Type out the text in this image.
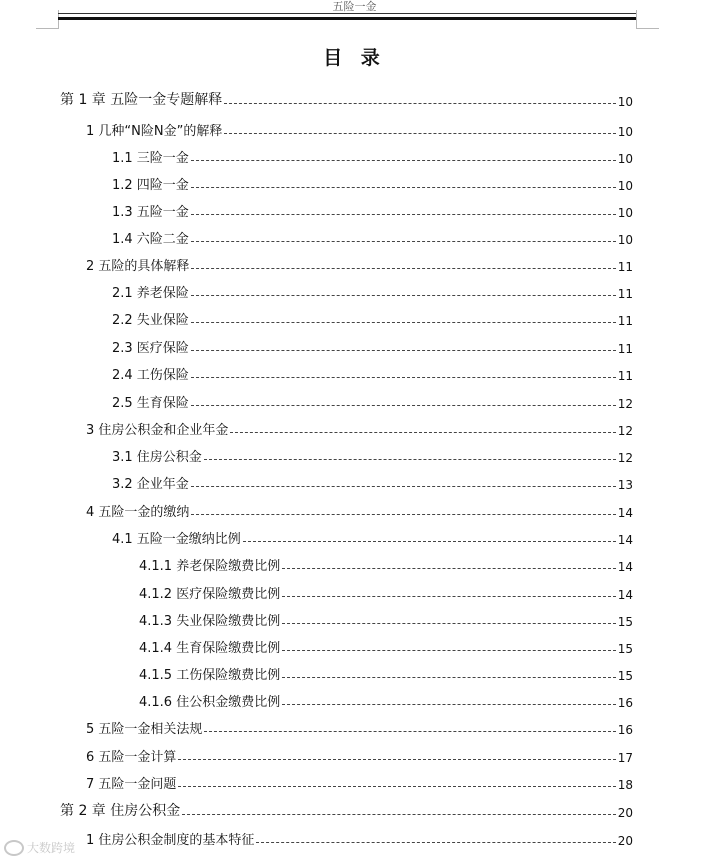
五险一金
目 录
第 1 章 五险一金专题解释	10
1 几种“N险N金”的解释	10
1.1 三险一金	10
1.2 四险一金	10
1.3 五险一金	10
1.4 六险二金	10
2 五险的具体解释	11
2.1 养老保险	11
2.2 失业保险	11
2.3 医疗保险	11
2.4 工伤保险	11
2.5 生育保险	12
3 住房公积金和企业年金	12
3.1 住房公积金	12
3.2 企业年金	13
4 五险一金的缴纳	14
4.1 五险一金缴纳比例	14
4.1.1 养老保险缴费比例	14
4.1.2 医疗保险缴费比例	14
4.1.3 失业保险缴费比例	15
4.1.4 生育保险缴费比例	15
4.1.5 工伤保险缴费比例	15
4.1.6 住公积金缴费比例	16
5 五险一金相关法规	16
6 五险一金计算	17
7 五险一金问题	18
第 2 章 住房公积金	20
1 住房公积金制度的基本特征	20
大数跨境
